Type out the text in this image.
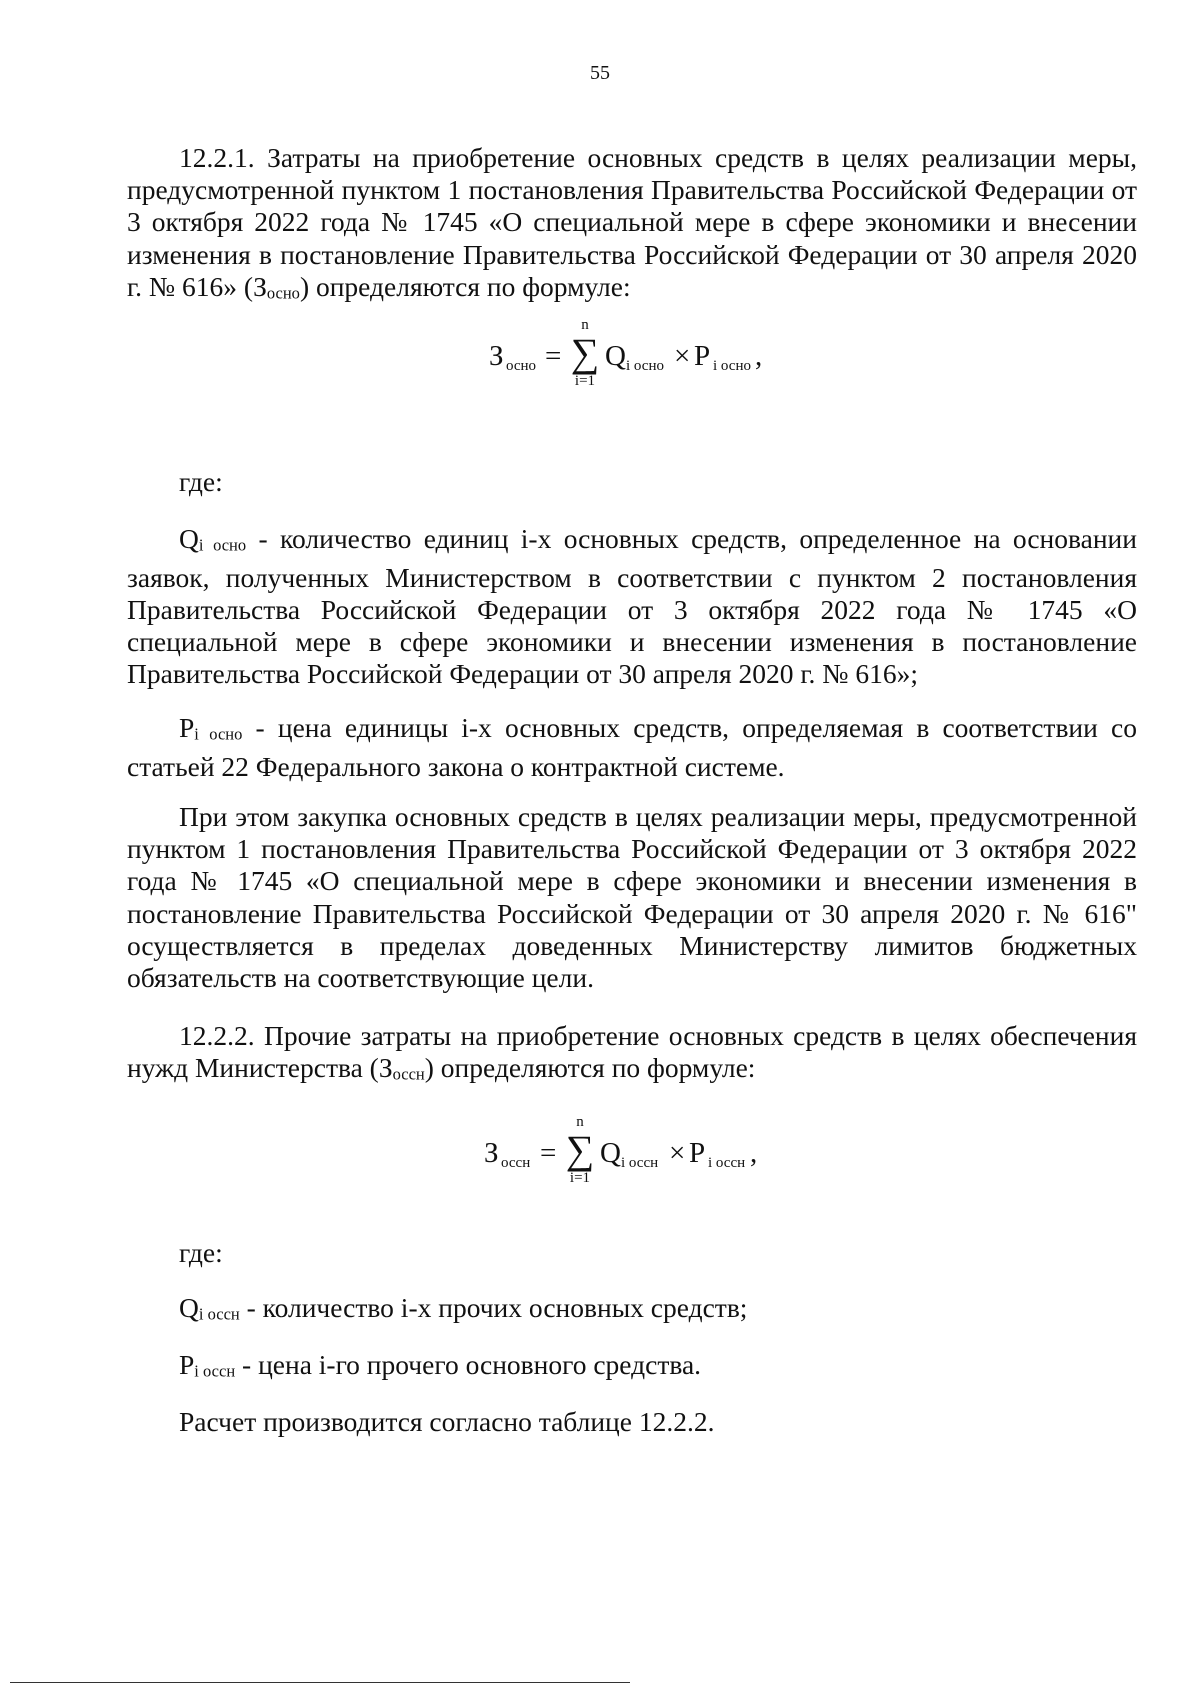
55

12.2.1. Затраты на приобретение основных средств в целях реализации меры, предусмотренной пунктом 1 постановления Правительства Российской Федерации от 3 октября 2022 года № 1745 «О специальной мере в сфере экономики и внесении изменения в постановление Правительства Российской Федерации от 30 апреля 2020 г. № 616» (Зосно) определяются по формуле:

З осно =
n
∑
i=1
Q i осно × P i осно ,

где:

Qi осно - количество единиц i-х основных средств, определенное на основании заявок, полученных Министерством в соответствии с пунктом 2 постановления Правительства Российской Федерации от 3 октября 2022 года № 1745 «О специальной мере в сфере экономики и внесении изменения в постановление Правительства Российской Федерации от 30 апреля 2020 г. № 616»;

Pi осно - цена единицы i-х основных средств, определяемая в соответствии со статьей 22 Федерального закона о контрактной системе.

При этом закупка основных средств в целях реализации меры, предусмотренной пунктом 1 постановления Правительства Российской Федерации от 3 октября 2022 года № 1745 «О специальной мере в сфере экономики и внесении изменения в постановление Правительства Российской Федерации от 30 апреля 2020 г. № 616" осуществляется в пределах доведенных Министерству лимитов бюджетных обязательств на соответствующие цели.

12.2.2. Прочие затраты на приобретение основных средств в целях обеспечения нужд Министерства (Зоссн) определяются по формуле:

З оссн =
n
∑
i=1
Q i оссн × P i оссн ,

где:

Qi оссн - количество i-х прочих основных средств;

Pi оссн - цена i-го прочего основного средства.

Расчет производится согласно таблице 12.2.2.
